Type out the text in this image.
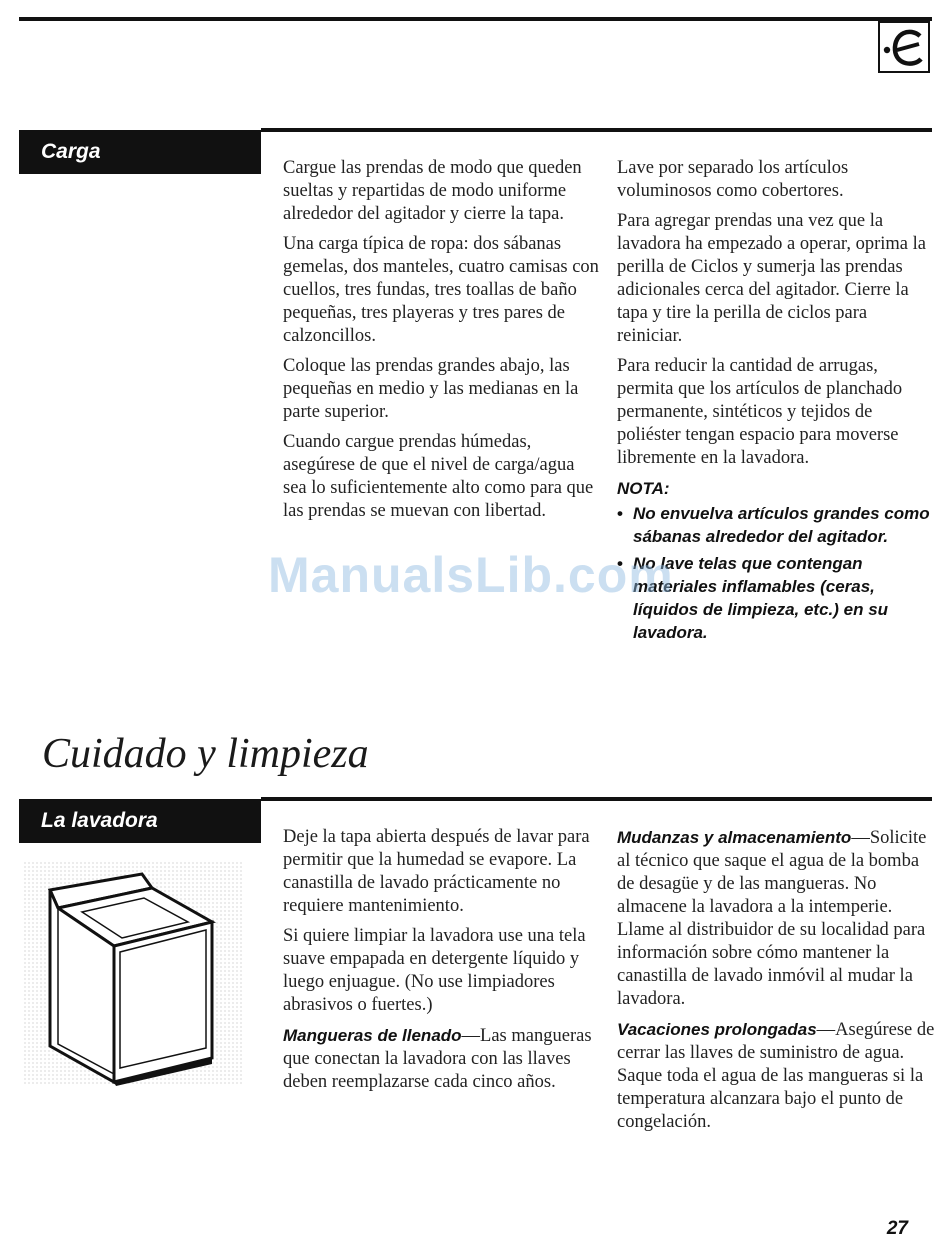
Carga

Cargue las prendas de modo que queden sueltas y repartidas de modo uniforme alrededor del agitador y cierre la tapa.

Una carga típica de ropa: dos sábanas gemelas, dos manteles, cuatro camisas con cuellos, tres fundas, tres toallas de baño pequeñas, tres playeras y tres pares de calzoncillos.

Coloque las prendas grandes abajo, las pequeñas en medio y las medianas en la parte superior.

Cuando cargue prendas húmedas, asegúrese de que el nivel de carga/agua sea lo suficientemente alto como para que las prendas se muevan con libertad.

Lave por separado los artículos voluminosos como cobertores.

Para agregar prendas una vez que la lavadora ha empezado a operar, oprima la perilla de Ciclos y sumerja las prendas adicionales cerca del agitador. Cierre la tapa y tire la perilla de ciclos para reiniciar.

Para reducir la cantidad de arrugas, permita que los artículos de planchado permanente, sintéticos y tejidos de poliéster tengan espacio para moverse libremente en la lavadora.

NOTA:
• No envuelva artículos grandes como sábanas alrededor del agitador.
• No lave telas que contengan materiales inflamables (ceras, líquidos de limpieza, etc.) en su lavadora.
ManualsLib.com
Cuidado y limpieza
La lavadora

Deje la tapa abierta después de lavar para permitir que la humedad se evapore. La canastilla de lavado prácticamente no requiere mantenimiento.

Si quiere limpiar la lavadora use una tela suave empapada en detergente líquido y luego enjuague. (No use limpiadores abrasivos o fuertes.)

Mangueras de llenado—Las mangueras que conectan la lavadora con las llaves deben reemplazarse cada cinco años.

Mudanzas y almacenamiento—Solicite al técnico que saque el agua de la bomba de desagüe y de las mangueras. No almacene la lavadora a la intemperie. Llame al distribuidor de su localidad para información sobre cómo mantener la canastilla de lavado inmóvil al mudar la lavadora.

Vacaciones prolongadas—Asegúrese de cerrar las llaves de suministro de agua. Saque toda el agua de las mangueras si la temperatura alcanzara bajo el punto de congelación.

27
